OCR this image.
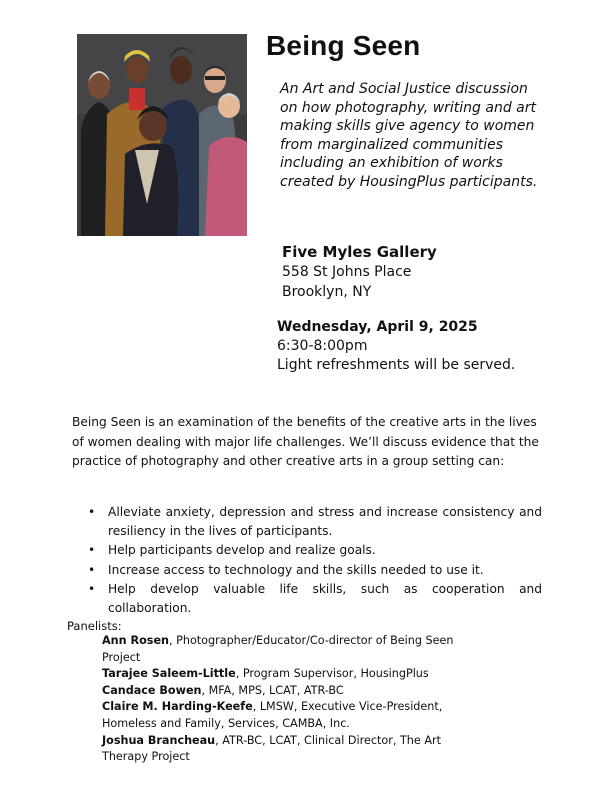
Being Seen

An Art and Social Justice discussion on how photography, writing and art making skills give agency to women from marginalized communities including an exhibition of works created by HousingPlus participants.

Five Myles Gallery
558 St Johns Place
Brooklyn, NY
Wednesday, April 9, 2025
6:30-8:00pm
Light refreshments will be served.

Being Seen is an examination of the benefits of the creative arts in the lives of women dealing with major life challenges. We’ll discuss evidence that the practice of photography and other creative arts in a group setting can:

• Alleviate anxiety, depression and stress and increase consistency and resiliency in the lives of participants.
• Help participants develop and realize goals.
• Increase access to technology and the skills needed to use it.
• Help develop valuable life skills, such as cooperation and collaboration.
Panelists:
Ann Rosen, Photographer/Educator/Co-director of Being Seen Project
Tarajee Saleem-Little, Program Supervisor, HousingPlus
Candace Bowen, MFA, MPS, LCAT, ATR-BC
Claire M. Harding-Keefe, LMSW, Executive Vice-President, Homeless and Family, Services, CAMBA, Inc.
Joshua Brancheau, ATR-BC, LCAT, Clinical Director, The Art Therapy Project
